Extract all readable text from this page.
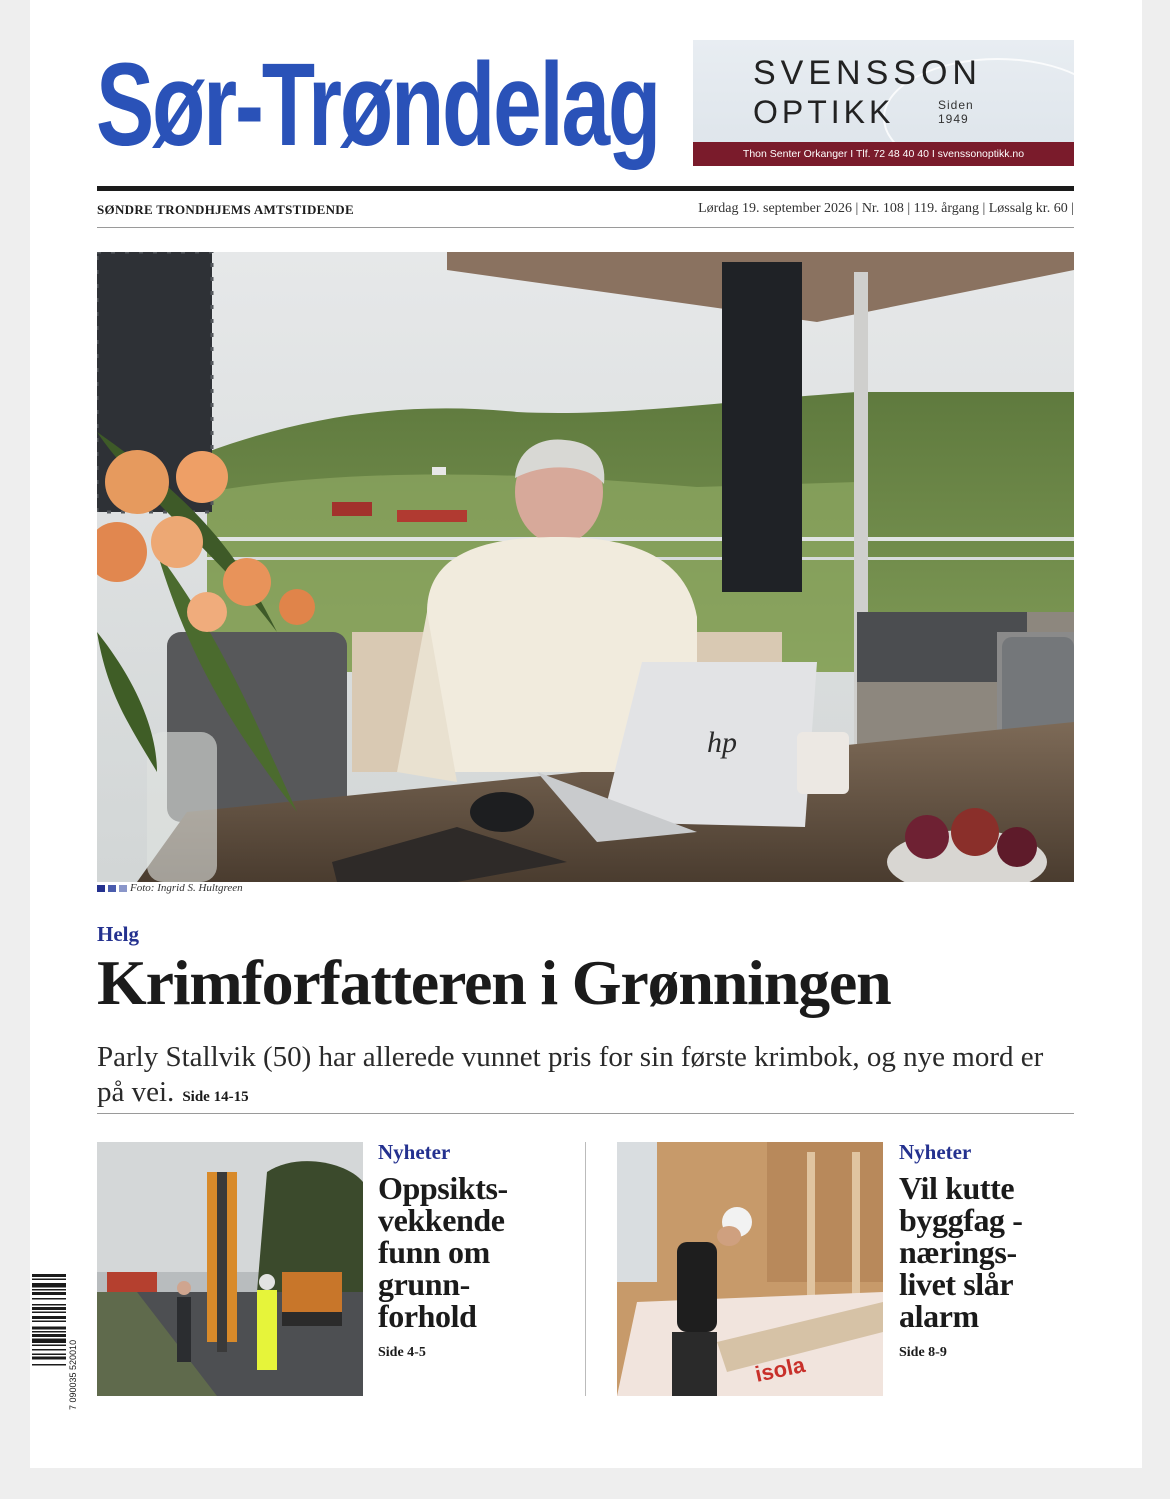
Sør-Trøndelag	SVENSSON
OPTIKK	Siden 1949
Thon Senter Orkanger I Tlf. 72 48 40 40 I svenssonoptikk.no
SØNDRE TRONDHJEMS AMTSTIDENDE	Lørdag 19. september 2026 | Nr. 108 | 119. årgang | Løssalg kr. 60 |
hp
Foto: Ingrid S. Hultgreen
Helg
Krimforfatteren i Grønningen
Parly Stallvik (50) har allerede vunnet pris for sin første krimbok, og nye mord er på vei. Side 14-15
Nyheter
Oppsikts-
vekkende
funn om
grunn-
forhold
Side 4-5	isola
Nyheter
Vil kutte
byggfag -
nærings-
livet slår
alarm
Side 8-9
7 090035 520010
